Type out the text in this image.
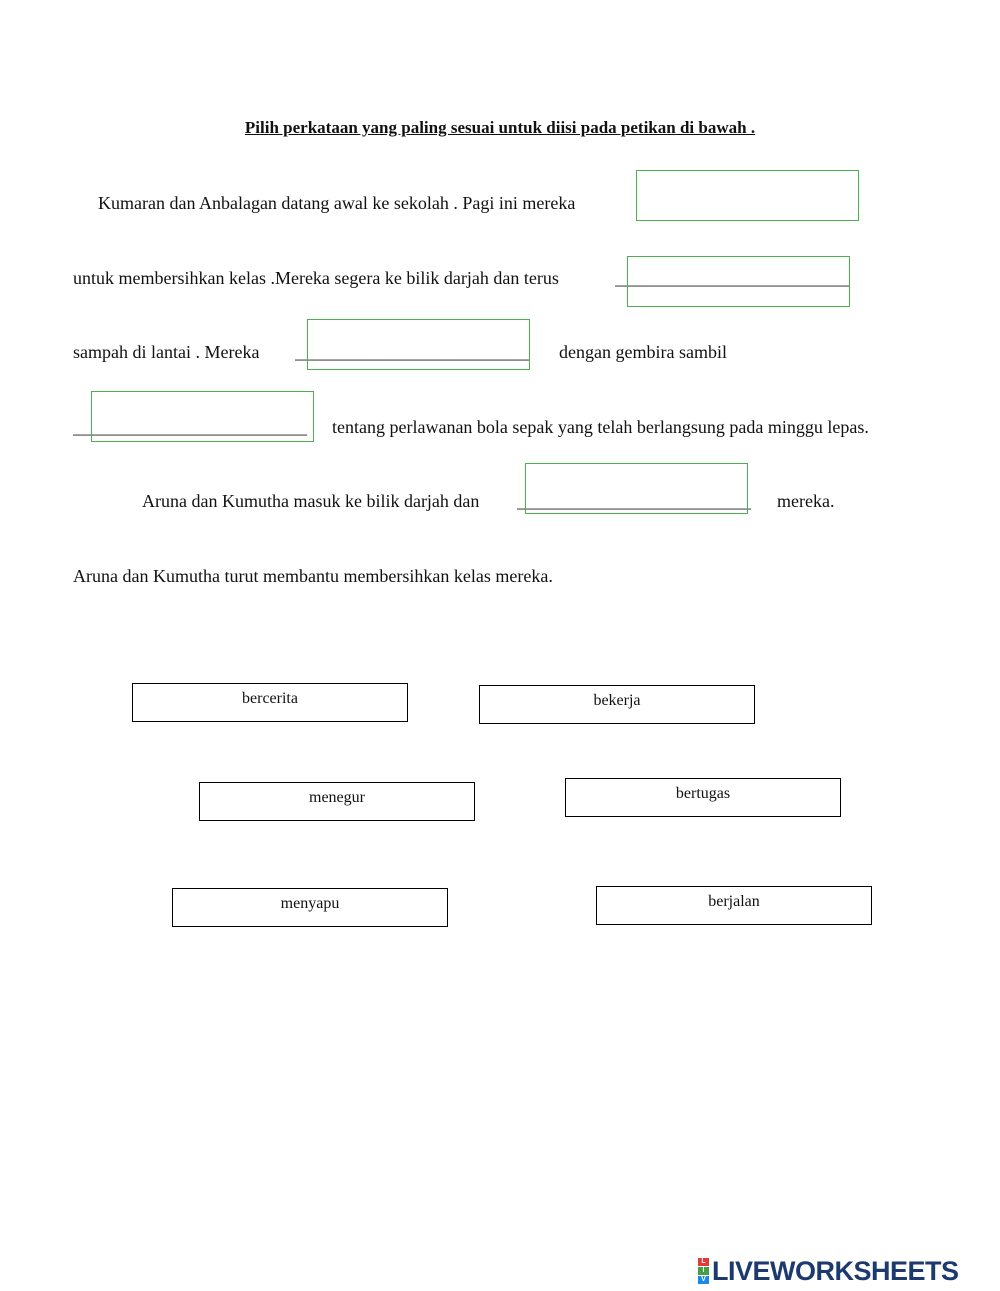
Pilih perkataan yang paling sesuai untuk diisi pada petikan di bawah .
Kumaran dan Anbalagan datang awal ke sekolah . Pagi ini mereka
untuk membersihkan kelas .Mereka segera ke bilik darjah dan terus	__________________________
sampah di lantai . Mereka __________________________	dengan gembira sambil
__________________________	tentang perlawanan bola sepak yang telah berlangsung pada minggu lepas.
Aruna dan Kumutha masuk ke bilik darjah dan __________________________	mereka.
Aruna dan Kumutha turut membantu membersihkan kelas mereka.
bercerita	bekerja
menegur	bertugas
menyapu	berjalan
L
I
V LIVEWORKSHEETS
